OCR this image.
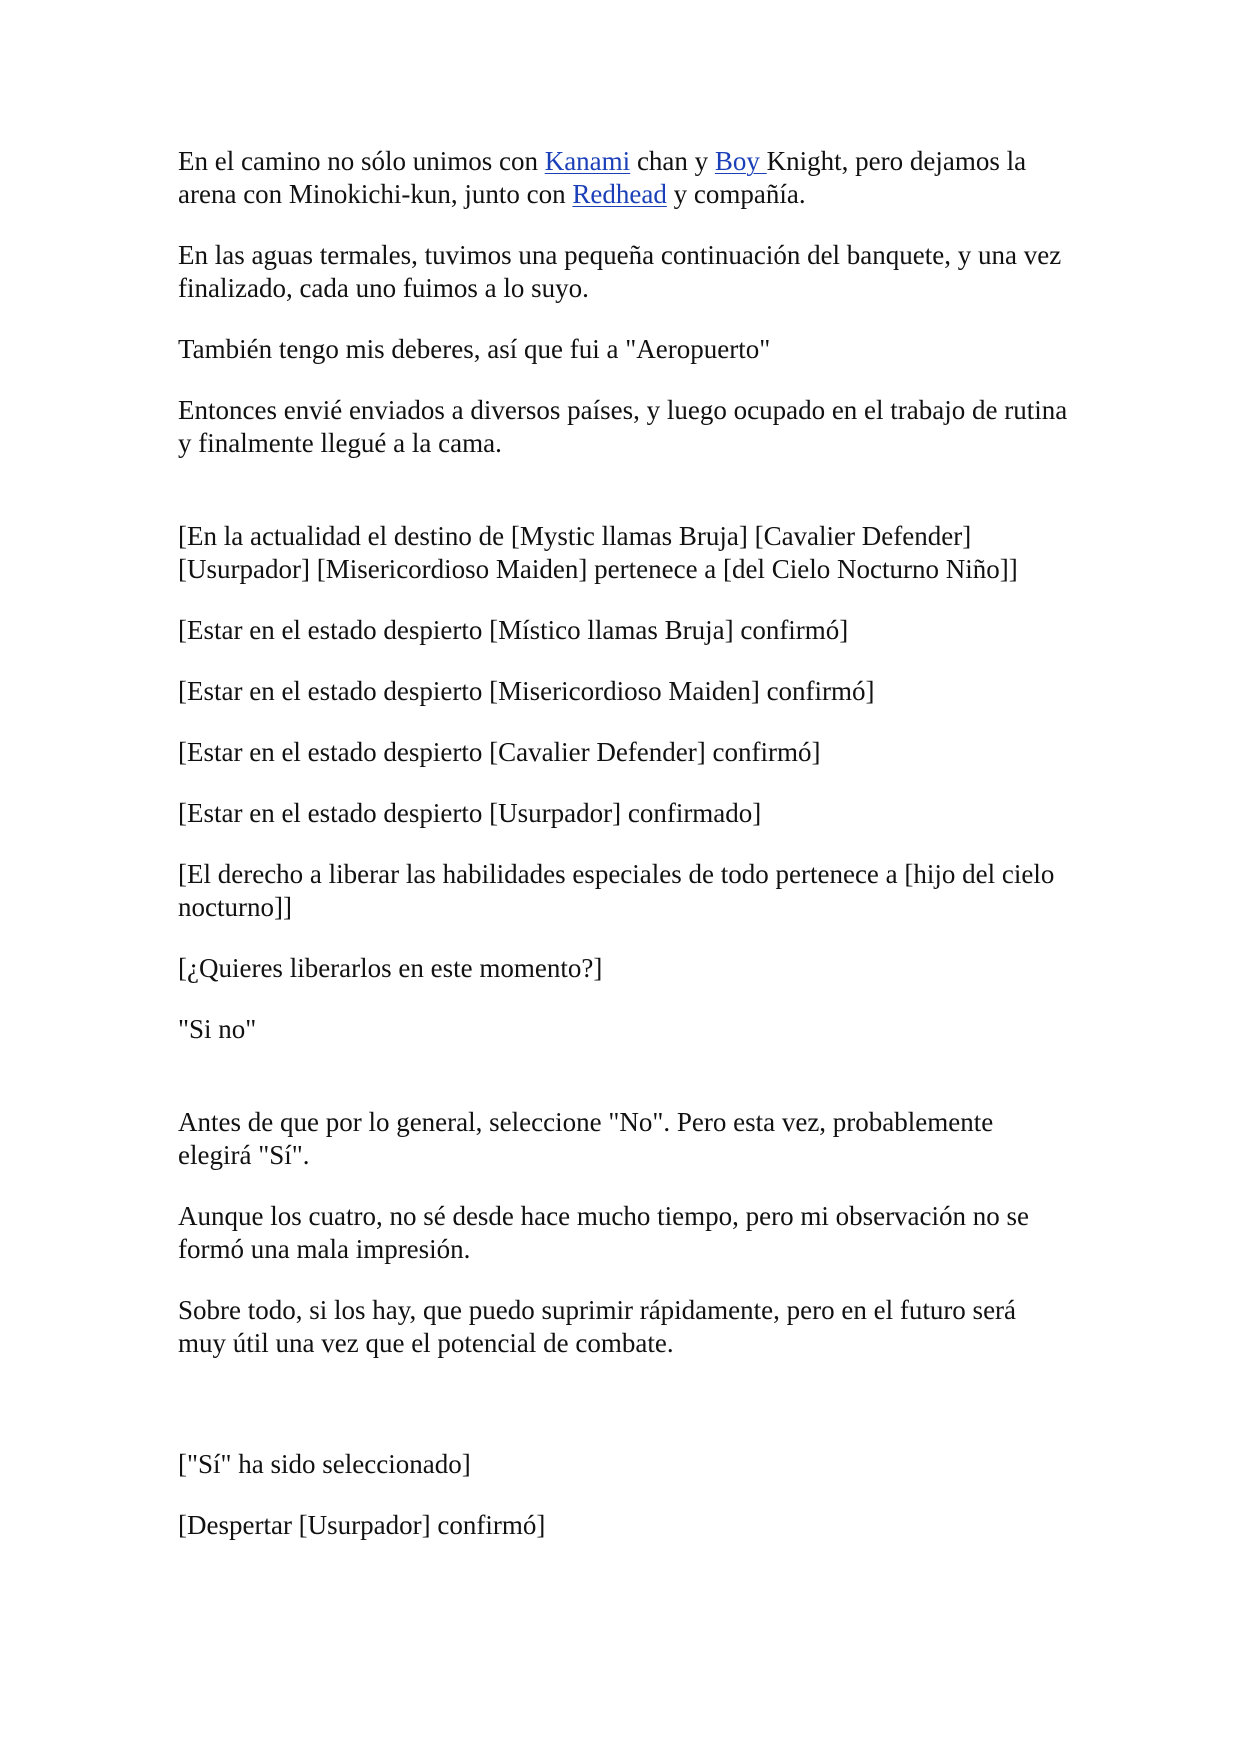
En el camino no sólo unimos con Kanami chan y Boy Knight, pero dejamos la arena con Minokichi-kun, junto con Redhead y compañía.

En las aguas termales, tuvimos una pequeña continuación del banquete, y una vez finalizado, cada uno fuimos a lo suyo.

También tengo mis deberes, así que fui a "Aeropuerto"

Entonces envié enviados a diversos países, y luego ocupado en el trabajo de rutina y finalmente llegué a la cama.

[En la actualidad el destino de [Mystic llamas Bruja] [Cavalier Defender] [Usurpador] [Misericordioso Maiden] pertenece a [del Cielo Nocturno Niño]]

[Estar en el estado despierto [Místico llamas Bruja] confirmó]

[Estar en el estado despierto [Misericordioso Maiden] confirmó]

[Estar en el estado despierto [Cavalier Defender] confirmó]

[Estar en el estado despierto [Usurpador] confirmado]

[El derecho a liberar las habilidades especiales de todo pertenece a [hijo del cielo nocturno]]

[¿Quieres liberarlos en este momento?]

"Si no"

Antes de que por lo general, seleccione "No". Pero esta vez, probablemente elegirá "Sí".

Aunque los cuatro, no sé desde hace mucho tiempo, pero mi observación no se formó una mala impresión.

Sobre todo, si los hay, que puedo suprimir rápidamente, pero en el futuro será muy útil una vez que el potencial de combate.

["Sí" ha sido seleccionado]

[Despertar [Usurpador] confirmó]
